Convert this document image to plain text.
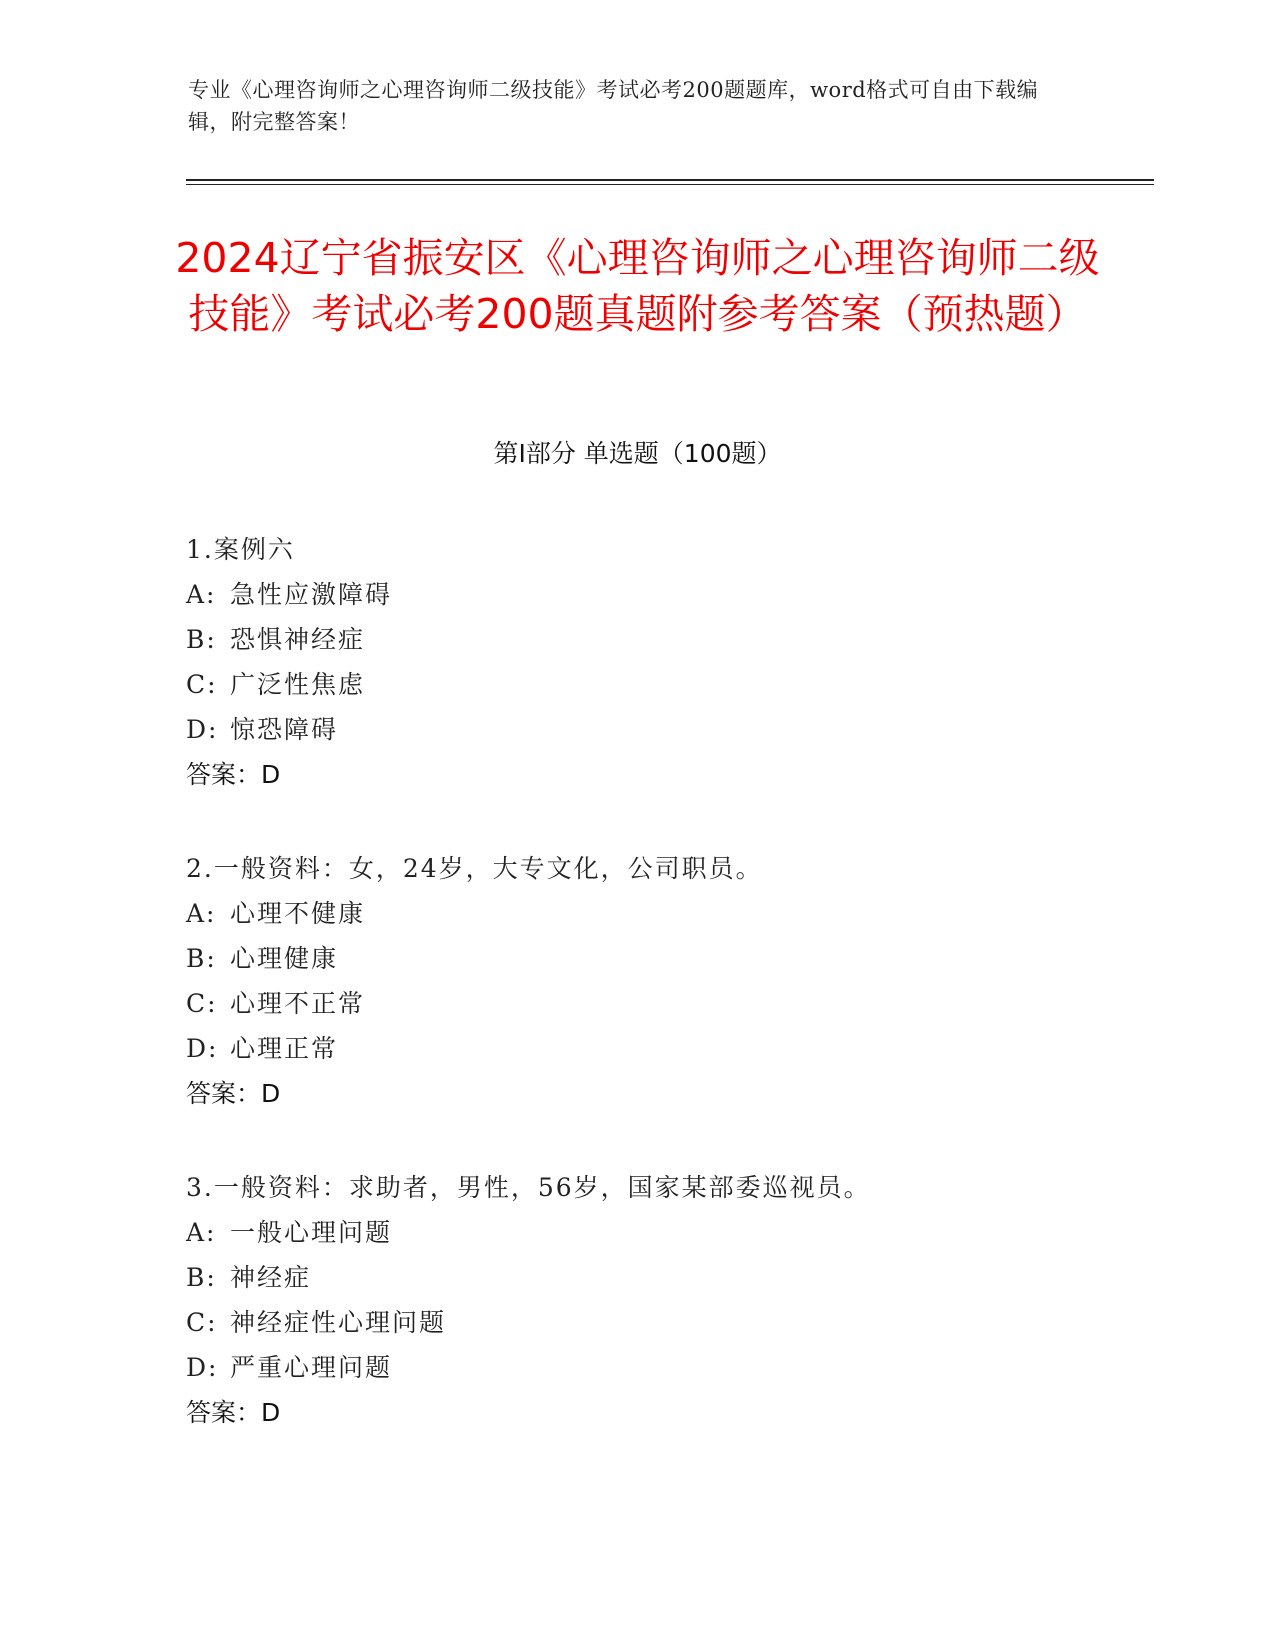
专业《心理咨询师之心理咨询师二级技能》考试必考200题题库，word格式可自由下载编辑，附完整答案！
2024辽宁省振安区《心理咨询师之心理咨询师二级技能》考试必考200题真题附参考答案（预热题）
第I部分 单选题（100题）
1.案例六
A: 急性应激障碍
B: 恐惧神经症
C: 广泛性焦虑
D: 惊恐障碍
答案：D
2.一般资料：女，24岁，大专文化，公司职员。
A: 心理不健康
B: 心理健康
C: 心理不正常
D: 心理正常
答案：D
3.一般资料：求助者，男性，56岁，国家某部委巡视员。
A: 一般心理问题
B: 神经症
C: 神经症性心理问题
D: 严重心理问题
答案：D
